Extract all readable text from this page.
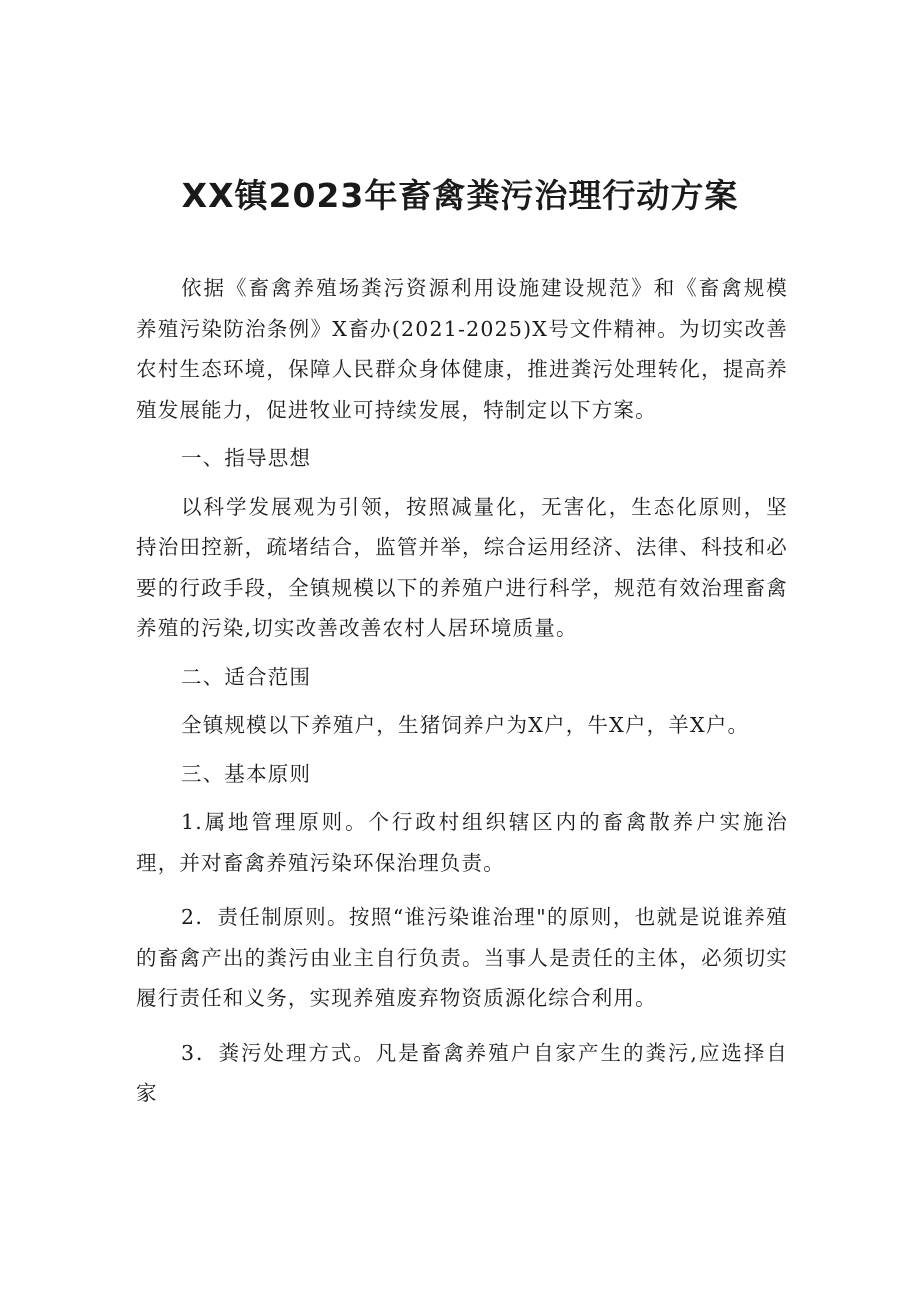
XX镇2023年畜禽粪污治理行动方案

依据《畜禽养殖场粪污资源利用设施建设规范》和《畜禽规模养殖污染防治条例》X畜办(2021-2025)X号文件精神。为切实改善农村生态环境，保障人民群众身体健康，推进粪污处理转化，提高养殖发展能力，促进牧业可持续发展，特制定以下方案。

一、指导思想

以科学发展观为引领，按照减量化，无害化，生态化原则，坚持治田控新，疏堵结合，监管并举，综合运用经济、法律、科技和必要的行政手段，全镇规模以下的养殖户进行科学，规范有效治理畜禽养殖的污染,切实改善改善农村人居环境质量。

二、适合范围

全镇规模以下养殖户，生猪饲养户为X户，牛X户，羊X户。

三、基本原则

1.属地管理原则。个行政村组织辖区内的畜禽散养户实施治理，并对畜禽养殖污染环保治理负责。

2．责任制原则。按照“谁污染谁治理"的原则，也就是说谁养殖的畜禽产出的粪污由业主自行负责。当事人是责任的主体，必须切实履行责任和义务，实现养殖废弃物资质源化综合利用。

3．粪污处理方式。凡是畜禽养殖户自家产生的粪污,应选择自家
